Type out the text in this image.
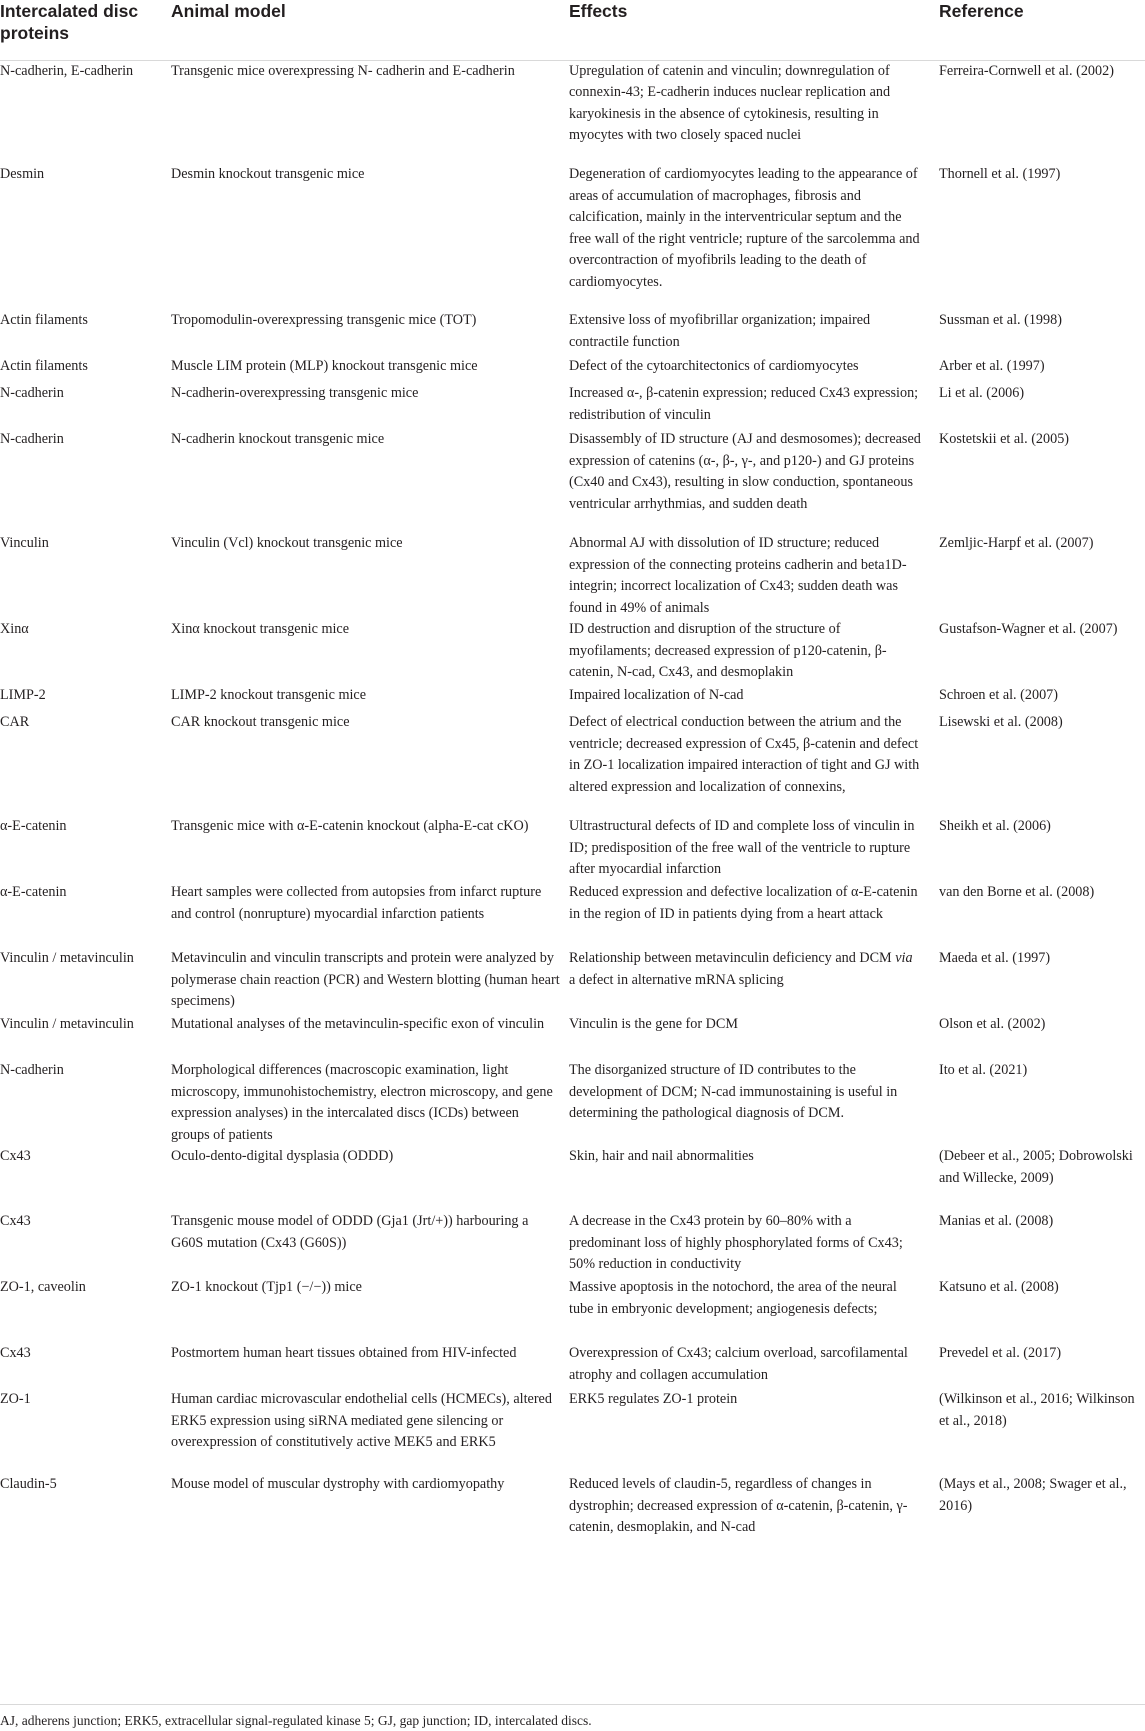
Intercalated disc proteins	Animal model	Effects	Reference
N-cadherin, E-cadherin	Transgenic mice overexpressing N- cadherin and E-cadherin	Upregulation of catenin and vinculin; downregulation of connexin-43; E-cadherin induces nuclear replication and karyokinesis in the absence of cytokinesis, resulting in myocytes with two closely spaced nuclei	Ferreira-Cornwell et al. (2002)
Desmin	Desmin knockout transgenic mice	Degeneration of cardiomyocytes leading to the appearance of areas of accumulation of macrophages, fibrosis and calcification, mainly in the interventricular septum and the free wall of the right ventricle; rupture of the sarcolemma and overcontraction of myofibrils leading to the death of cardiomyocytes.	Thornell et al. (1997)
Actin filaments	Tropomodulin-overexpressing transgenic mice (TOT)	Extensive loss of myofibrillar organization; impaired contractile function	Sussman et al. (1998)
Actin filaments	Muscle LIM protein (MLP) knockout transgenic mice	Defect of the cytoarchitectonics of cardiomyocytes	Arber et al. (1997)
N-cadherin	N-cadherin-overexpressing transgenic mice	Increased α-, β-catenin expression; reduced Cx43 expression; redistribution of vinculin	Li et al. (2006)
N-cadherin	N-cadherin knockout transgenic mice	Disassembly of ID structure (AJ and desmosomes); decreased expression of catenins (α-, β-, γ-, and p120-) and GJ proteins (Cx40 and Cx43), resulting in slow conduction, spontaneous ventricular arrhythmias, and sudden death	Kostetskii et al. (2005)
Vinculin	Vinculin (Vcl) knockout transgenic mice	Abnormal AJ with dissolution of ID structure; reduced expression of the connecting proteins cadherin and beta1D-integrin; incorrect localization of Cx43; sudden death was found in 49% of animals	Zemljic-Harpf et al. (2007)
Xinα	Xinα knockout transgenic mice	ID destruction and disruption of the structure of myofilaments; decreased expression of p120-catenin, β-catenin, N-cad, Cx43, and desmoplakin	Gustafson-Wagner et al. (2007)
LIMP-2	LIMP-2 knockout transgenic mice	Impaired localization of N-cad	Schroen et al. (2007)
CAR	CAR knockout transgenic mice	Defect of electrical conduction between the atrium and the ventricle; decreased expression of Cx45, β-catenin and defect in ZO-1 localization impaired interaction of tight and GJ with altered expression and localization of connexins,	Lisewski et al. (2008)
α-E-catenin	Transgenic mice with α-E-catenin knockout (alpha-E-cat cKO)	Ultrastructural defects of ID and complete loss of vinculin in ID; predisposition of the free wall of the ventricle to rupture after myocardial infarction	Sheikh et al. (2006)
α-E-catenin	Heart samples were collected from autopsies from infarct rupture and control (nonrupture) myocardial infarction patients	Reduced expression and defective localization of α-E-catenin in the region of ID in patients dying from a heart attack	van den Borne et al. (2008)
Vinculin / metavinculin	Metavinculin and vinculin transcripts and protein were analyzed by polymerase chain reaction (PCR) and Western blotting (human heart specimens)	Relationship between metavinculin deficiency and DCM via a defect in alternative mRNA splicing	Maeda et al. (1997)
Vinculin / metavinculin	Mutational analyses of the metavinculin-specific exon of vinculin	Vinculin is the gene for DCM	Olson et al. (2002)
N-cadherin	Morphological differences (macroscopic examination, light microscopy, immunohistochemistry, electron microscopy, and gene expression analyses) in the intercalated discs (ICDs) between groups of patients	The disorganized structure of ID contributes to the development of DCM; N-cad immunostaining is useful in determining the pathological diagnosis of DCM.	Ito et al. (2021)
Cx43	Oculo-dento-digital dysplasia (ODDD)	Skin, hair and nail abnormalities	(Debeer et al., 2005; Dobrowolski and Willecke, 2009)
Cx43	Transgenic mouse model of ODDD (Gja1 (Jrt/+)) harbouring a G60S mutation (Cx43 (G60S))	A decrease in the Cx43 protein by 60–80% with a predominant loss of highly phosphorylated forms of Cx43; 50% reduction in conductivity	Manias et al. (2008)
ZO-1, caveolin	ZO-1 knockout (Tjp1 (−/−)) mice	Massive apoptosis in the notochord, the area of the neural tube in embryonic development; angiogenesis defects;	Katsuno et al. (2008)
Cx43	Postmortem human heart tissues obtained from HIV-infected	Overexpression of Cx43; calcium overload, sarcofilamental atrophy and collagen accumulation	Prevedel et al. (2017)
ZO-1	Human cardiac microvascular endothelial cells (HCMECs), altered ERK5 expression using siRNA mediated gene silencing or overexpression of constitutively active MEK5 and ERK5	ERK5 regulates ZO-1 protein	(Wilkinson et al., 2016; Wilkinson et al., 2018)
Claudin-5	Mouse model of muscular dystrophy with cardiomyopathy	Reduced levels of claudin-5, regardless of changes in dystrophin; decreased expression of α-catenin, β-catenin, γ-catenin, desmoplakin, and N-cad	(Mays et al., 2008; Swager et al., 2016)
AJ, adherens junction; ERK5, extracellular signal-regulated kinase 5; GJ, gap junction; ID, intercalated discs.
